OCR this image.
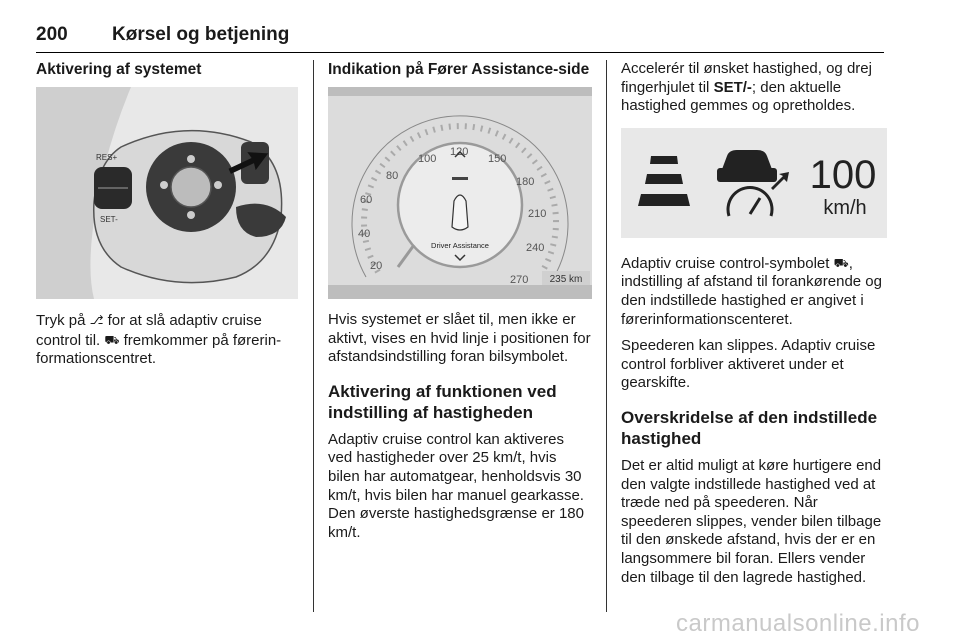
200 Kørsel og betjening
Aktivering af systemet
RES+
SET-

Tryk på ⎇ for at slå adaptiv cruise control til. ⛟ fremkommer på førerinformationscentret.

Indikation på Fører Assistance-side
20
40
60
80
100
120
150
180
210
240
270
Driver Assistance
235 km

Hvis systemet er slået til, men ikke er aktivt, vises en hvid linje i positionen for afstandsindstilling foran bilsymbolet.

Aktivering af funktionen ved indstilling af hastigheden

Adaptiv cruise control kan aktiveres ved hastigheder over 25 km/t, hvis bilen har automatgear, henholdsvis 30 km/t, hvis bilen har manuel gearkasse. Den øverste hastighedsgrænse er 180 km/t.

Accelerér til ønsket hastighed, og drej fingerhjulet til SET/-; den aktuelle hastighed gemmes og opretholdes.

100
km/h

Adaptiv cruise control-symbolet ⛟, indstilling af afstand til forankørende og den indstillede hastighed er angivet i førerinformationscenteret.

Speederen kan slippes. Adaptiv cruise control forbliver aktiveret under et gearskifte.

Overskridelse af den indstillede hastighed

Det er altid muligt at køre hurtigere end den valgte indstillede hastighed ved at træde ned på speederen. Når speederen slippes, vender bilen tilbage til den ønskede afstand, hvis der er en langsommere bil foran. Ellers vender den tilbage til den lagrede hastighed.

carmanualsonline.info
